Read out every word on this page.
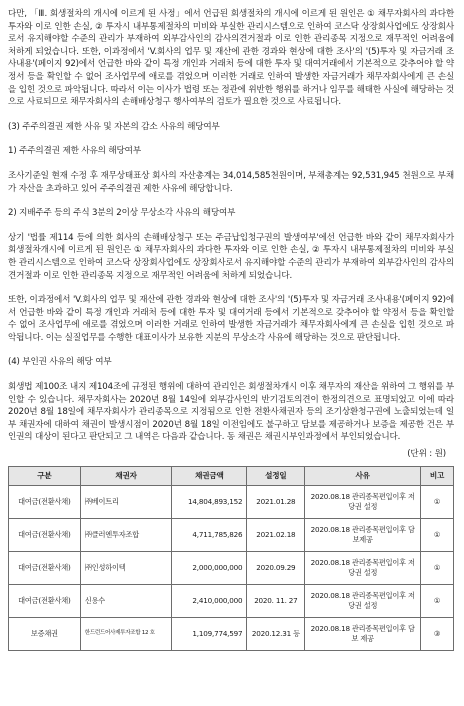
다만, 「Ⅲ. 회생절차의 개시에 이르게 된 사정」에서 언급된 회생절차의 개시에 이르게 된 원인은 ① 채무자회사의 과다한 투자와 이로 인한 손실, ② 투자시 내부통제절차의 미비와 부실한 관리시스템으로 인하여 코스닥 상장회사업에도 상장회사로서 유지해야할 수준의 관리가 부재하여 외부감사인의 감사의견거절과 이로 인한 관리종목 지정으로 재무적인 어려움에 처하게 되었습니다. 또한, 이과정에서 'V.회사의 업무 및 재산에 관한 경과와 현상에 대한 조사'의 '(5)투자 및 자금거래 조사내용'(페이지 92)에서 언급한 바와 같이 특정 개인과 거래처 등에 대한 투자 및 대여거래에서 기본적으로 갖추어야 할 약정서 등을 확인할 수 없어 조사업무에 애로를 겪었으며 이러한 거래로 인하여 발생한 자금거래가 채무자회사에게 큰 손실을 입힌 것으로 파악됩니다. 따라서 이는 이사가 법령 또는 정관에 위반한 행위를 하거나 임무를 해태한 사실에 해당하는 것으로 사료되므로 채무자회사의 손해배상청구 행사여부의 검토가 필요한 것으로 사료됩니다.

(3) 주주의결권 제한 사유 및 자본의 감소 사유의 해당여부

1) 주주의결권 제한 사유의 해당여부

조사기준일 현재 수정 후 재무상태표상 회사의 자산총계는 34,014,585천원이며, 부채총계는 92,531,945 천원으로 부채가 자산을 초과하고 있어 주주의결권 제한 사유에 해당합니다.

2) 지배주주 등의 주식 3분의 2이상 무상소각 사유의 해당여부

상기 '법률 제114 등에 의한 회사의 손해배상청구 또는 주금납입청구권의 발생여부'에선 언급한 바와 같이 채무자회사가 회생절차개시에 이르게 된 원인은 ① 채무자회사의 과다한 투자와 이로 인한 손실, ② 투자시 내부통제절차의 미비와 부실한 관리시스템으로 인하여 코스닥 상장회사업에도 상장회사로서 유지해야할 수준의 관리가 부재하여 외부감사인의 감사의견거절과 이로 인한 관리종목 지정으로 재무적인 어려움에 처하게 되었습니다.

또한, 이과정에서 'V.회사의 업무 및 재산에 관한 경과와 현상에 대한 조사'의 '(5)투자 및 자금거래 조사내용'(페이지 92)에서 언급한 바와 같이 특정 개인과 거래처 등에 대한 투자 및 대여거래 등에서 기본적으로 갖추어야 할 약정서 등을 확인할 수 없어 조사업무에 애로를 겪었으며 이러한 거래로 인하여 발생한 자금거래가 채무자회사에게 큰 손실을 입힌 것으로 파악됩니다. 이는 실질업무를 수행한 대표이사가 보유한 지분의 무상소각 사유에 해당하는 것으로 판단됩니다.

(4) 부인권 사유의 해당 여부

회생법 제100조 내지 제104조에 규정된 행위에 대하여 관리인은 회생절차개시 이후 채무자의 재산을 위하여 그 행위를 부인할 수 있습니다. 채무자회사는 2020년 8월 14일에 외부감사인의 반기검토의견이 한정의견으로 표명되었고 이에 따라 2020년 8월 18일에 채무자회사가 관리종목으로 지정됨으로 인한 전환사채권자 등의 조기상환청구권에 노출되었는데 일부 채권자에 대하여 채권이 발생시점이 2020년 8월 18일 이전임에도 불구하고 담보를 제공하거나 보증을 제공한 건은 부인권의 대상이 된다고 판단되고 그 내역은 다음과 같습니다. 동 채권은 채권시부인과정에서 부인되었습니다.

(단위 : 원)
구분	채권자	채권금액	설정일	사유	비고
대여금(전환사채)	㈜베이트리	14,804,893,152	2021.01.28	2020.08.18 관리종목편입이후 저당권 설정	①
대여금(전환사채)	㈜클러엔투자조합	4,711,785,826	2021.02.18	2020.08.18 관리종목편입이후 담보제공	①
대여금(전환사채)	㈜인성하이텍	2,000,000,000	2020.09.29	2020.08.18 관리종목편입이후 저당권 설정	①
대여금(전환사채)	신용수	2,410,000,000	2020. 11. 27	2020.08.18 관리종목편입이후 저당권 설정	①
보증채권	한드런드어사제투자조합 12 호	1,109,774,597	2020.12.31 등	2020.08.18 관리종목편입이후 담보 제공	③
